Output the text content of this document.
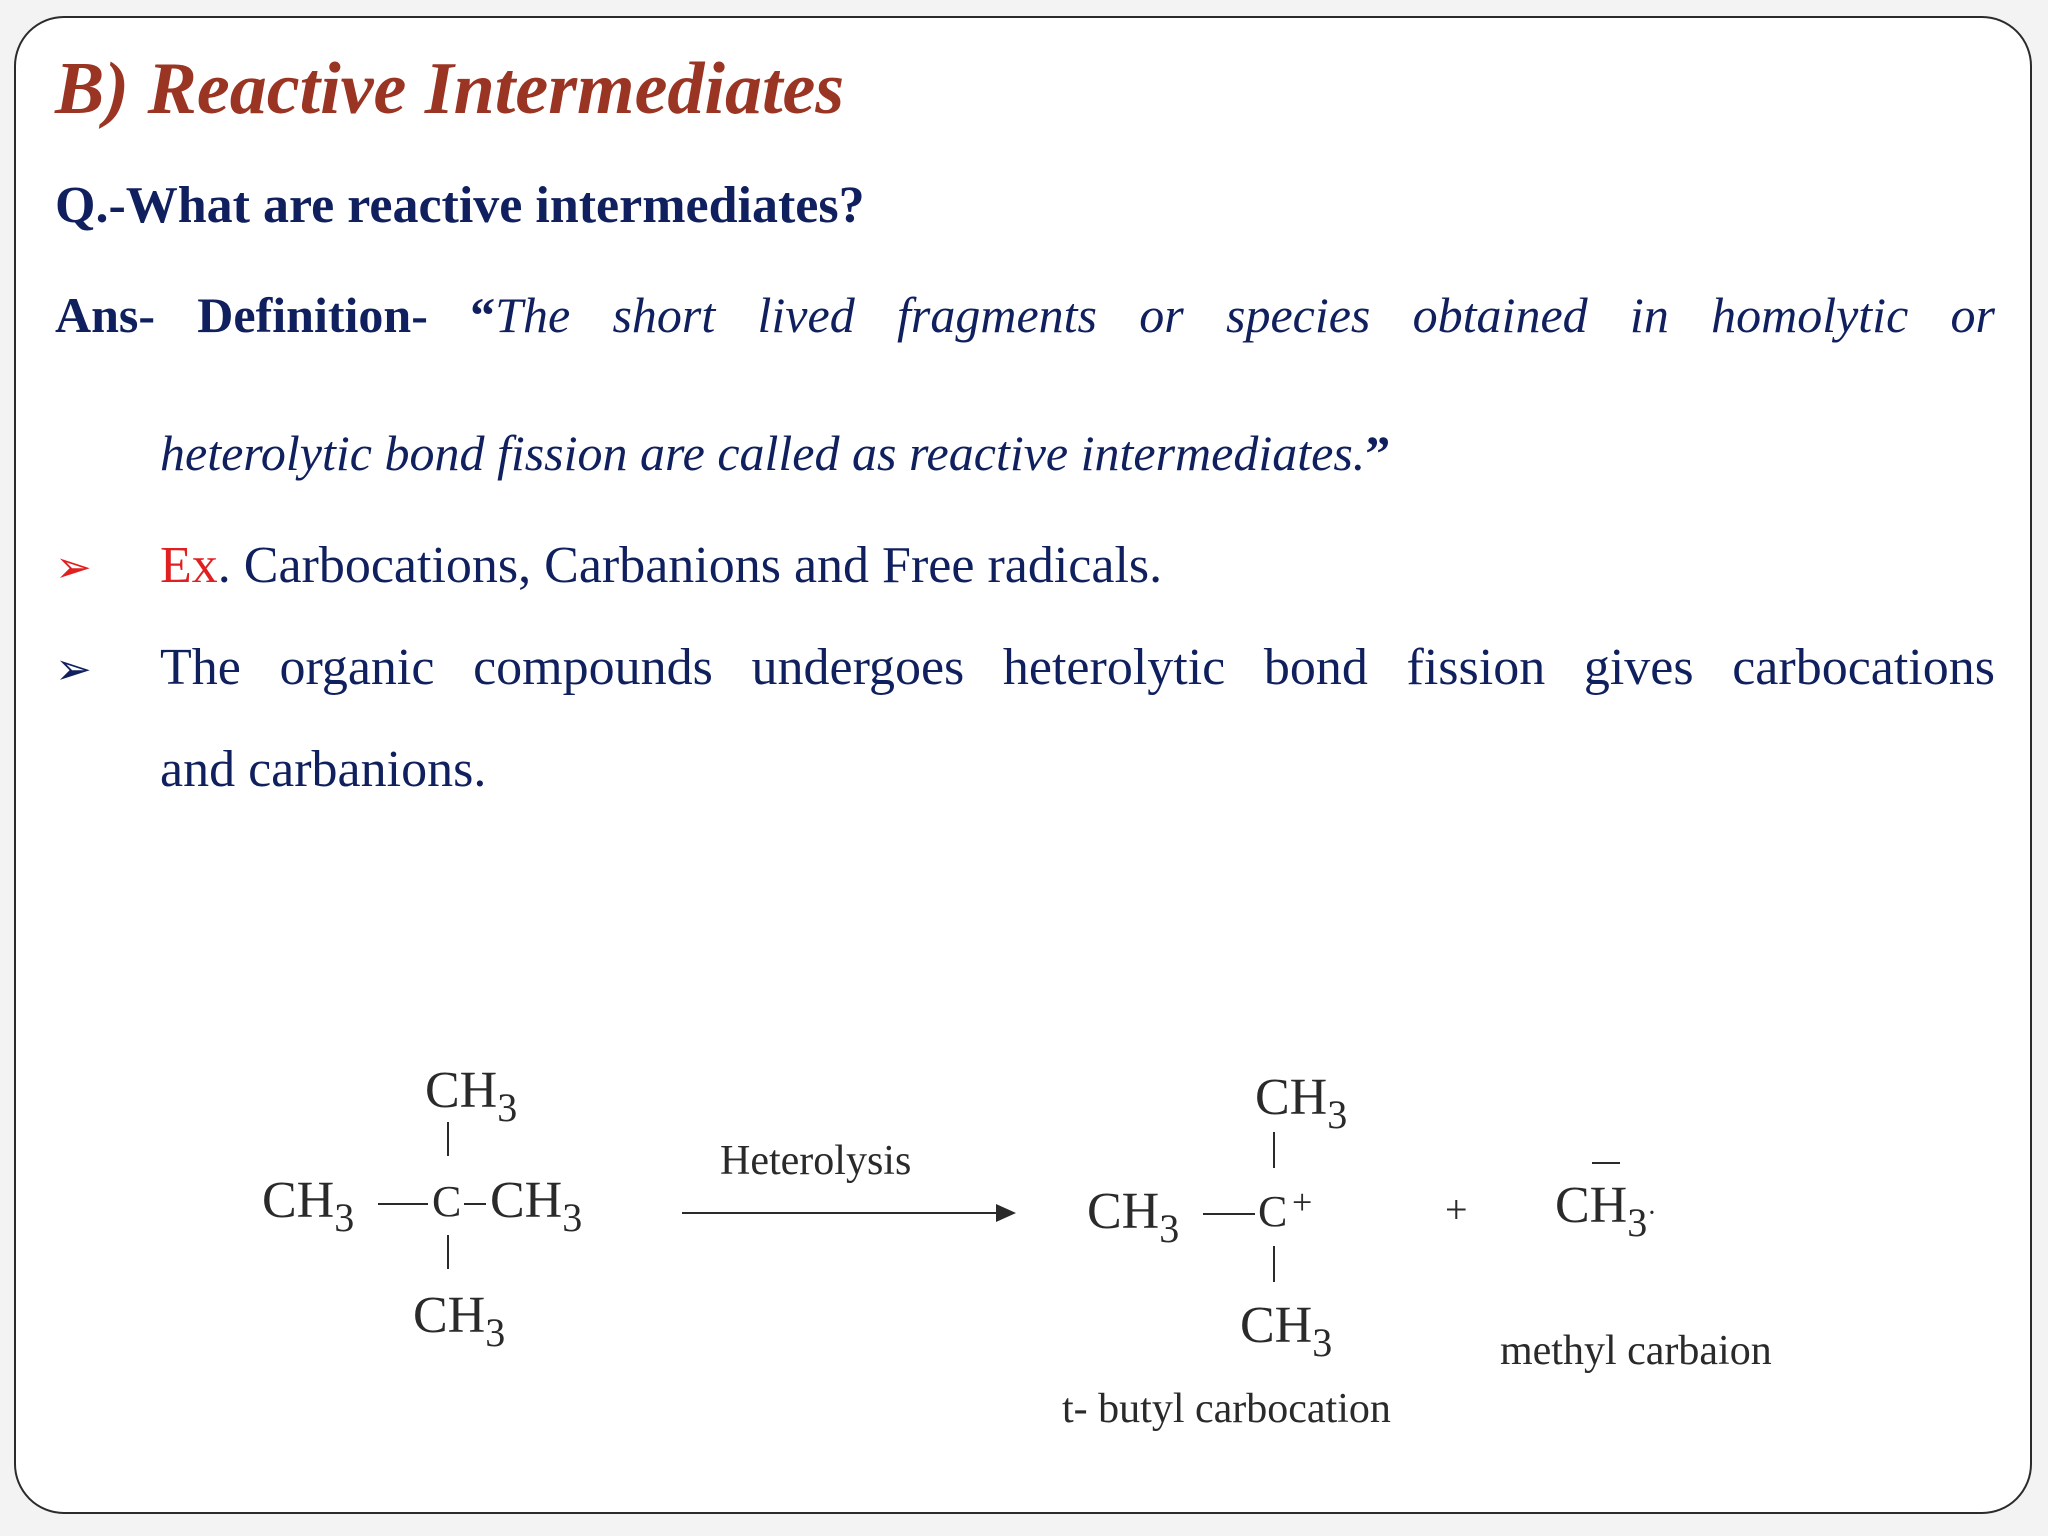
B) Reactive Intermediates
Q.-What are reactive intermediates?
Ans- Definition- “The short lived fragments or species obtained in homolytic or
heterolytic bond fission are called as reactive intermediates.”
➢ Ex. Carbocations, Carbanions and Free radicals.
➢ The organic compounds undergoes heterolytic bond fission gives carbocations
and carbanions.
$CH_3$
$CH_3$ C $CH_3$
$CH_3$
Heterolysis
$CH_3$
$CH_3$ C +
$CH_3$
t- butyl carbocation
+ $CH_3\cdot$
methyl carbaion
